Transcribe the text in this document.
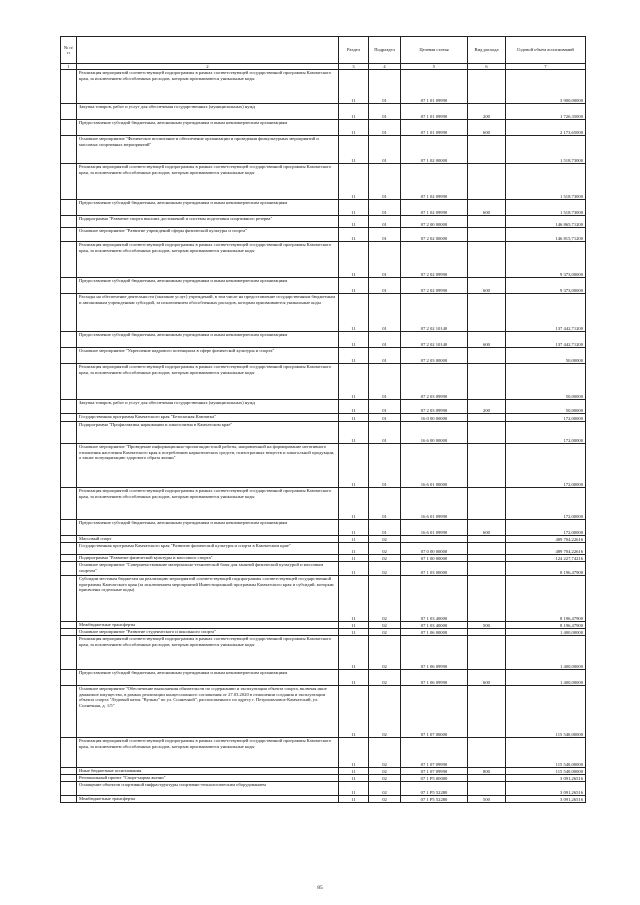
№ п/п		Раздел	Подраздел	Целевая статья	Вид расхода	Годовой объем ассигнований
1	2	3	4	5	6	7
	Реализация мероприятий соответствующей подпрограммы в рамках соответствующей государственной программы Камчатского края, за исключением обособленных расходов, которым присваиваются уникальные коды	11	01	07 1 01 09990		3 900,00000
	Закупка товаров, работ и услуг для обеспечения государственных (муниципальных) нужд	11	01	07 1 01 09990	200	1 726,35000
	Предоставление субсидий бюджетным, автономным учреждениям и иным некоммерческим организациям	11	01	07 1 01 09990	600	2 173,65000
	Основное мероприятие "Физическое воспитание и обеспечение организации и проведения физкультурных мероприятий и массовых спортивных мероприятий"	11	01	07 1 02 00000		1 518,73000
	Реализация мероприятий соответствующей подпрограммы в рамках соответствующей государственной программы Камчатского края, за исключением обособленных расходов, которым присваиваются уникальные коды	11	01	07 1 02 09990		1 518,73000
	Предоставление субсидий бюджетным, автономным учреждениям и иным некоммерческим организациям	11	01	07 1 02 09990	600	1 518,73000
	Подпрограмма "Развитие спорта высших достижений и системы подготовки спортивного резерва"	11	01	07 2 00 00000		146 865,71200
	Основное мероприятие "Развитие учреждений сферы физической культуры и спорта"	11	01	07 2 02 00000		146 815,71200
	Реализация мероприятий соответствующей подпрограммы в рамках соответствующей государственной программы Камчатского края, за исключением обособленных расходов, которым присваиваются уникальные коды	11	01	07 2 02 09990		9 373,00000
	Предоставление субсидий бюджетным, автономным учреждениям и иным некоммерческим организациям	11	01	07 2 02 09990	600	9 373,00000
	Расходы на обеспечение деятельности (оказание услуг) учреждений, в том числе на предоставление государственным бюджетным и автономным учреждениям субсидий, за исключением обособленных расходов, которым присваиваются уникальные коды	11	01	07 2 02 10140		137 442,71200
	Предоставление субсидий бюджетным, автономным учреждениям и иным некоммерческим организациям	11	01	07 2 02 10140	600	137 442,71200
	Основное мероприятие "Укрепление кадрового потенциала в сфере физической культуры и спорта"	11	01	07 2 03 00000		50,00000
	Реализация мероприятий соответствующей подпрограммы в рамках соответствующей государственной программы Камчатского края, за исключением обособленных расходов, которым присваиваются уникальные коды	11	01	07 2 03 09990		50,00000
	Закупка товаров, работ и услуг для обеспечения государственных (муниципальных) нужд	11	01	07 2 03 09990	200	50,00000
	Государственная программа Камчатского края "Безопасная Камчатка"	11	01	16 0 00 00000		172,00000
	Подпрограмма "Профилактика наркомании и алкоголизма в Камчатском крае"	11	01	16 6 00 00000		172,00000
	Основное мероприятие "Проведение информационно-пропагандистской работы, направленной на формирование негативного отношения населения Камчатского края к потреблению наркотических средств, психотропных веществ и алкогольной продукции, а также популяризацию здорового образа жизни"	11	01	16 6 01 00000		172,00000
	Реализация мероприятий соответствующей подпрограммы в рамках соответствующей государственной программы Камчатского края, за исключением обособленных расходов, которым присваиваются уникальные коды	11	01	16 6 01 09990		172,00000
	Предоставление субсидий бюджетным, автономным учреждениям и иным некоммерческим организациям	11	01	16 6 01 09990	600	172,00000
	Массовый спорт	11	02			489 704,22616
	Государственная программа Камчатского края "Развитие физической культуры и спорта в Камчатском крае"	11	02	07 0 00 00000		489 704,22616
	Подпрограмма "Развитие физической культуры и массового спорта"	11	02	07 1 00 00000		124 227,74216
	Основное мероприятие "Совершенствование материально-технической базы для занятий физической культурой и массовым спортом"	11	02	07 1 03 00000		8 196,47900
	Субсидии местным бюджетам на реализацию мероприятий соответствующей подпрограммы соответствующей государственной программы Камчатского края (за исключением мероприятий Инвестиционной программы Камчатского края и субсидий, которым присвоены отдельные коды)	11	02	07 1 03 40000		8 196,47900
	Межбюджетные трансферты	11	02	07 1 03 40000	500	8 196,47900
	Основное мероприятие "Развитие студенческого и школьного спорта"	11	02	07 1 06 00000		1 400,00000
	Реализация мероприятий соответствующей подпрограммы в рамках соответствующей государственной программы Камчатского края, за исключением обособленных расходов, которым присваиваются уникальные коды	11	02	07 1 06 09990		1 400,00000
	Предоставление субсидий бюджетным, автономным учреждениям и иным некоммерческим организациям	11	02	07 1 06 09990	600	1 400,00000
	Основное мероприятие "Обеспечение выполнения обязательств по содержанию и эксплуатации объекта спорта, включая иное движимое имущество, в рамках реализации концессионного соглашения от 27.03.2020 в отношении создания и эксплуатации объекта спорта "Ледовый каток "Вулкан" по ул. Солнечной", расположенного по адресу г. Петропавловск-Камчатский, ул. Солнечная, д. 1/5"	11	02	07 1 07 00000		115 540,00000
	Реализация мероприятий соответствующей подпрограммы в рамках соответствующей государственной программы Камчатского края, за исключением обособленных расходов, которым присваиваются уникальные коды	11	02	07 1 07 09990		115 540,00000
	Иные бюджетные ассигнования	11	02	07 1 07 09990	800	115 540,00000
	Региональный проект "Спорт-норма жизни"	11	02	07 1 P5 00000		3 091,26516
	Оснащение объектов спортивной инфраструктуры спортивно-технологическим оборудованием	11	02	07 1 P5 52280		3 091,26516
	Межбюджетные трансферты	11	02	07 1 P5 52280	500	3 091,26516
85
